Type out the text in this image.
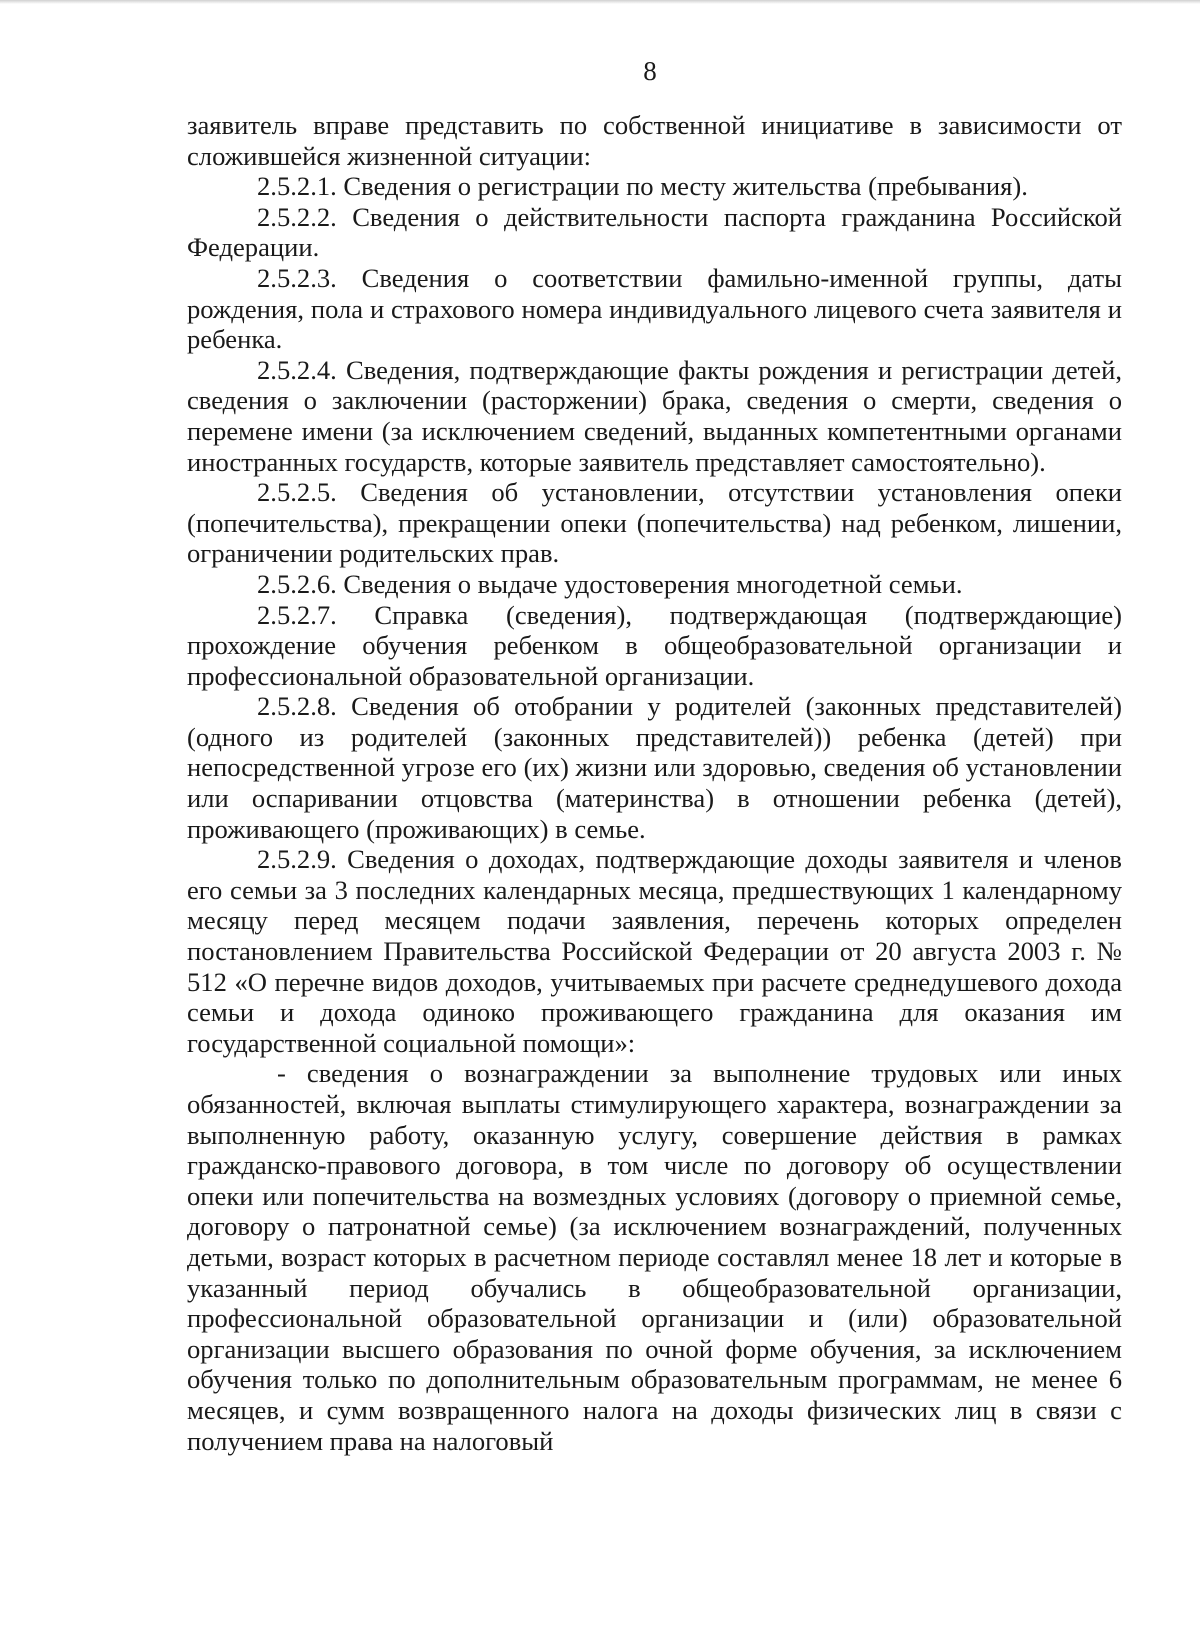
8

заявитель вправе представить по собственной инициативе в зависимости от сложившейся жизненной ситуации:

2.5.2.1. Сведения о регистрации по месту жительства (пребывания).

2.5.2.2. Сведения о действительности паспорта гражданина Российской Федерации.

2.5.2.3. Сведения о соответствии фамильно-именной группы, даты рождения, пола и страхового номера индивидуального лицевого счета заявителя и ребенка.

2.5.2.4. Сведения, подтверждающие факты рождения и регистрации детей, сведения о заключении (расторжении) брака, сведения о смерти, сведения о перемене имени (за исключением сведений, выданных компетентными органами иностранных государств, которые заявитель представляет самостоятельно).

2.5.2.5. Сведения об установлении, отсутствии установления опеки (попечительства), прекращении опеки (попечительства) над ребенком, лишении, ограничении родительских прав.

2.5.2.6. Сведения о выдаче удостоверения многодетной семьи.

2.5.2.7. Справка (сведения), подтверждающая (подтверждающие) прохождение обучения ребенком в общеобразовательной организации и профессиональной образовательной организации.

2.5.2.8. Сведения об отобрании у родителей (законных представителей) (одного из родителей (законных представителей)) ребенка (детей) при непосредственной угрозе его (их) жизни или здоровью, сведения об установлении или оспаривании отцовства (материнства) в отношении ребенка (детей), проживающего (проживающих) в семье.

2.5.2.9. Сведения о доходах, подтверждающие доходы заявителя и членов его семьи за 3 последних календарных месяца, предшествующих 1 календарному месяцу перед месяцем подачи заявления, перечень которых определен постановлением Правительства Российской Федерации от 20 августа 2003 г. № 512 «О перечне видов доходов, учитываемых при расчете среднедушевого дохода семьи и дохода одиноко проживающего гражданина для оказания им государственной социальной помощи»:

- сведения о вознаграждении за выполнение трудовых или иных обязанностей, включая выплаты стимулирующего характера, вознаграждении за выполненную работу, оказанную услугу, совершение действия в рамках гражданско-правового договора, в том числе по договору об осуществлении опеки или попечительства на возмездных условиях (договору о приемной семье, договору о патронатной семье) (за исключением вознаграждений, полученных детьми, возраст которых в расчетном периоде составлял менее 18 лет и которые в указанный период обучались в общеобразовательной организации, профессиональной образовательной организации и (или) образовательной организации высшего образования по очной форме обучения, за исключением обучения только по дополнительным образовательным программам, не менее 6 месяцев, и сумм возвращенного налога на доходы физических лиц в связи с получением права на налоговый
